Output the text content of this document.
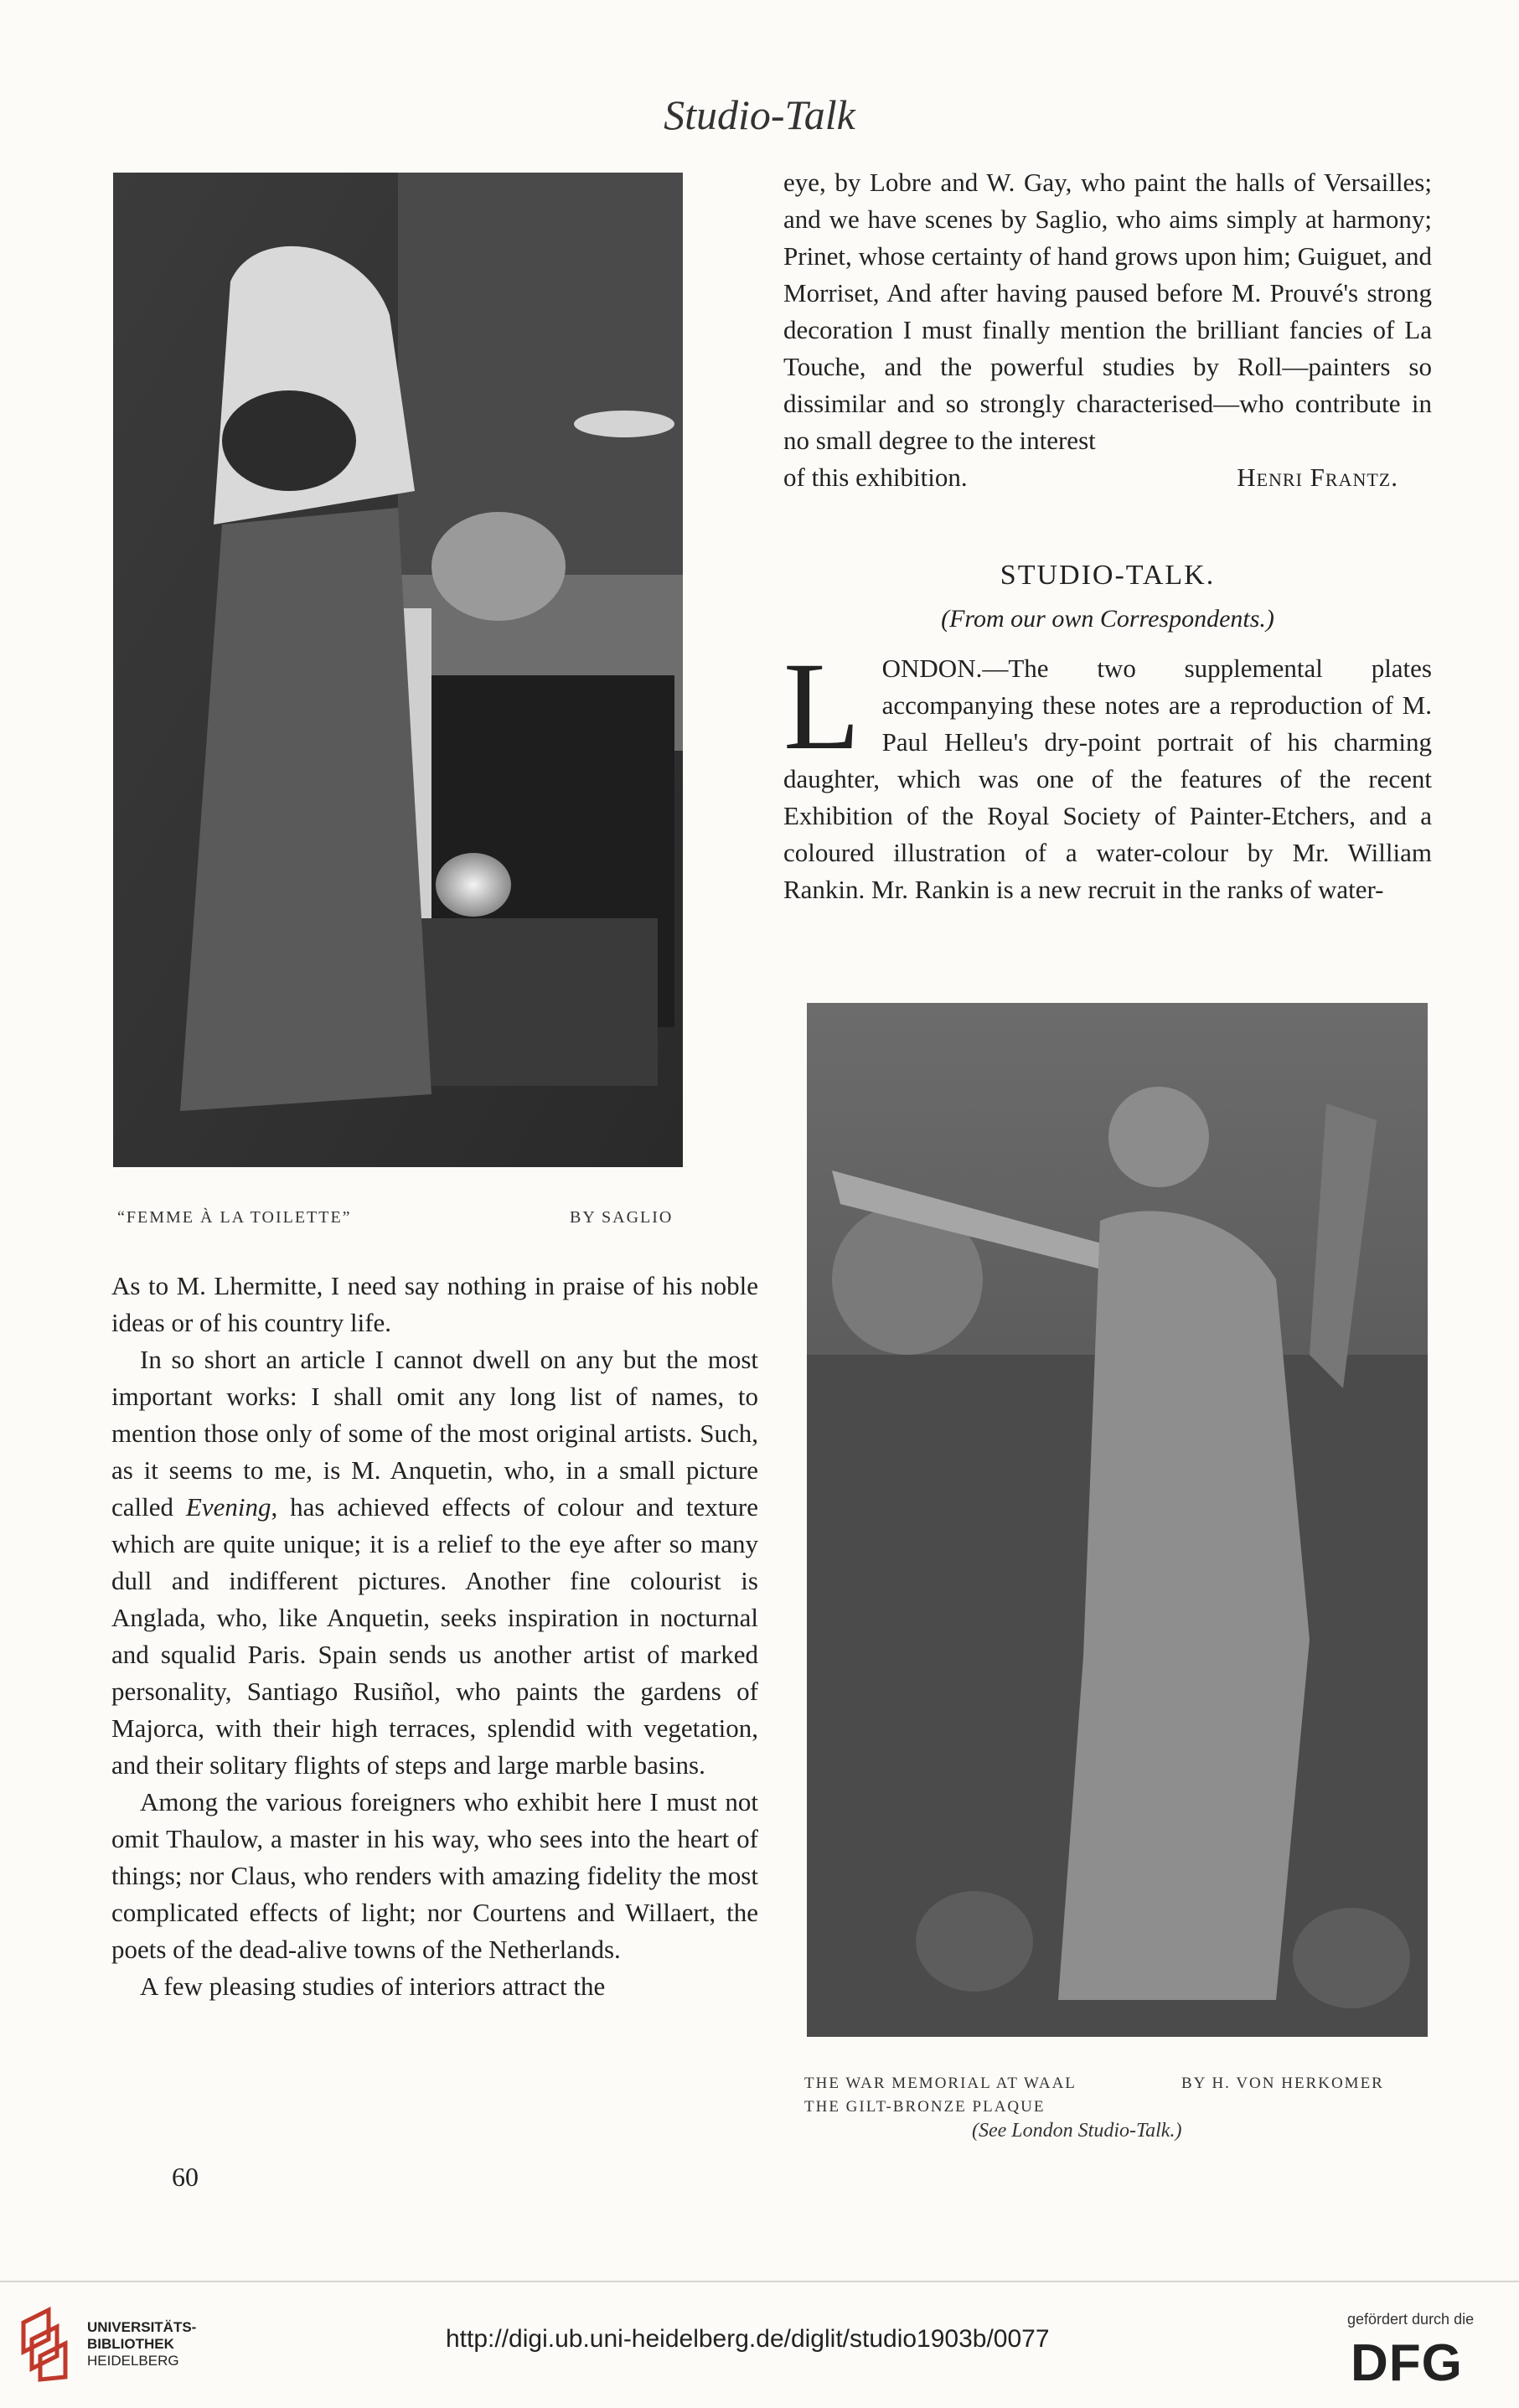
Studio-Talk
“FEMME À LA TOILETTE”	BY SAGLIO

As to M. Lhermitte, I need say nothing in praise of his noble ideas or of his country life.

In so short an article I cannot dwell on any but the most important works: I shall omit any long list of names, to mention those only of some of the most original artists. Such, as it seems to me, is M. Anquetin, who, in a small picture called Evening, has achieved effects of colour and texture which are quite unique; it is a relief to the eye after so many dull and indifferent pictures. Another fine colourist is Anglada, who, like Anquetin, seeks inspiration in nocturnal and squalid Paris. Spain sends us another artist of marked personality, Santiago Rusiñol, who paints the gardens of Majorca, with their high terraces, splendid with vegetation, and their solitary flights of steps and large marble basins.

Among the various foreigners who exhibit here I must not omit Thaulow, a master in his way, who sees into the heart of things; nor Claus, who renders with amazing fidelity the most complicated effects of light; nor Courtens and Willaert, the poets of the dead-alive towns of the Netherlands.

A few pleasing studies of interiors attract the

eye, by Lobre and W. Gay, who paint the halls of Versailles; and we have scenes by Saglio, who aims simply at harmony; Prinet, whose certainty of hand grows upon him; Guiguet, and Morriset, And after having paused before M. Prouvé's strong decoration I must finally mention the brilliant fancies of La Touche, and the powerful studies by Roll—painters so dissimilar and so strongly characterised—who contribute in no small degree to the interest

of this exhibition.	Henri Frantz.

STUDIO-TALK.
(From our own Correspondents.)
L ONDON.—The two supplemental plates accompanying these notes are a reproduction of M. Paul Helleu's dry-point portrait of his charming daughter, which was one of the features of the recent Exhibition of the Royal Society of Painter-Etchers, and a coloured illustration of a water-colour by Mr. William Rankin. Mr. Rankin is a new recruit in the ranks of water-
THE WAR MEMORIAL AT WAAL	BY H. VON HERKOMER
THE GILT-BRONZE PLAQUE
(See London Studio-Talk.)
60
UNIVERSITÄTS-
BIBLIOTHEK
HEIDELBERG
http://digi.ub.uni-heidelberg.de/diglit/studio1903b/0077
gefördert durch die
DFG
